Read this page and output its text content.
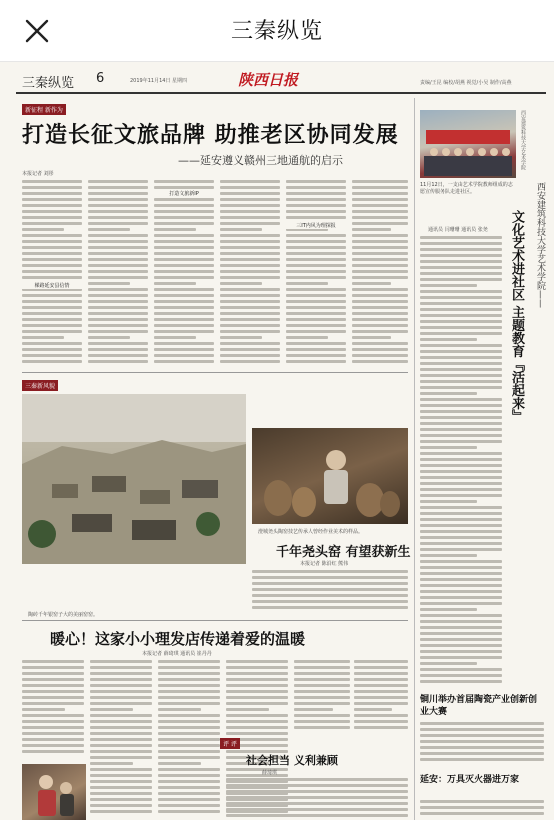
三秦纵览
三秦纵览 6	2019年11月14日 星期四	陕西日报	责编/王昆 编校/胡燕 视觉/小吴 制作/高燕
新征程 新作为
打造长征文旅品牌 助推老区协同发展
——延安遵义赣州三地通航的启示
本报记者 刘彤
梯路延安县信情
打造文旅新IP
三IT内风为理探报
三秦新风貌
澄城尧头陶窑技艺传承人曾经作业美术的样品。
千年尧头窑 有望获新生
本报记者 陈沿红 熊伟
陶砖千年银窑子大的美丽窑窑。
暖心！这家小小理发店传递着爱的温暖
本报记者 薛琦琪 通讯员 崔丹丹
评 评
社会担当 义利兼顾
薛琦琪
西安建筑科技大学艺术学院
11月12日，一支由艺术学院教师组成的志愿宣传服务队走进社区。	西安建筑科技大学艺术学院——
文化艺术进社区 主题教育『活起来』
通讯员 闫珊珊 通讯员 张尧
铜川举办首届陶瓷产业创新创业大赛
延安：万具灭火器进万家
